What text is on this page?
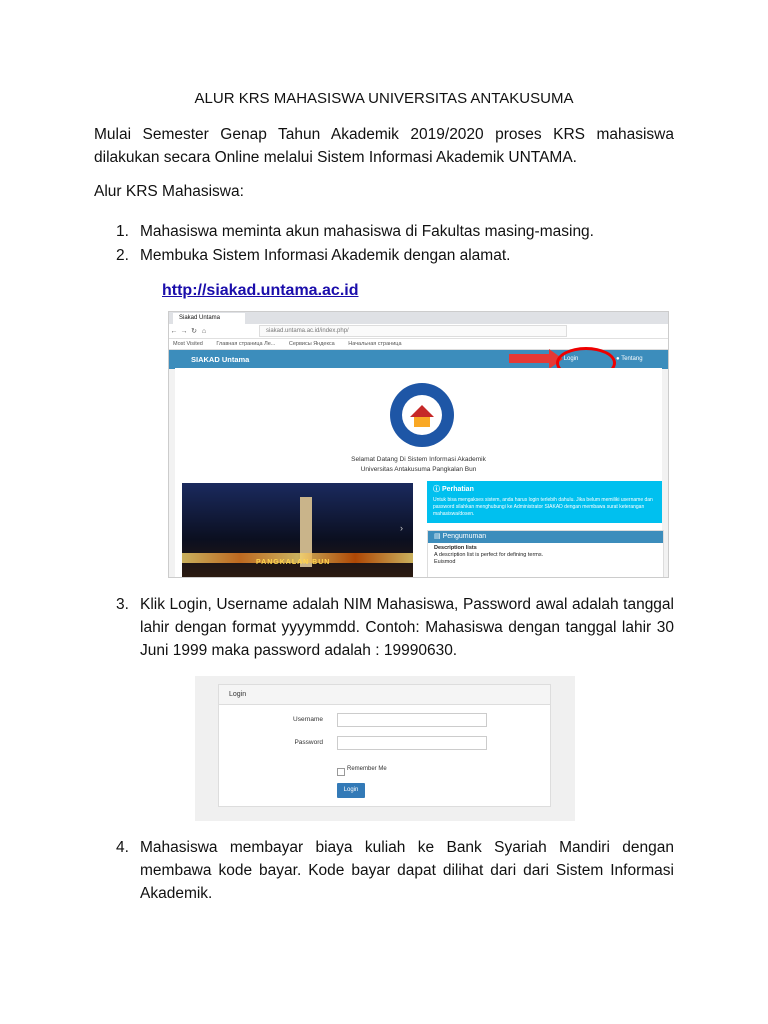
ALUR KRS MAHASISWA UNIVERSITAS ANTAKUSUMA
Mulai Semester Genap Tahun Akademik 2019/2020 proses KRS mahasiswa dilakukan secara Online melalui Sistem Informasi Akademik UNTAMA.
Alur KRS Mahasiswa:
1. Mahasiswa meminta akun mahasiswa di Fakultas masing-masing.
2. Membuka Sistem Informasi Akademik dengan alamat.
http://siakad.untama.ac.id
Siakad Untama
← → ↻ ⌂	siakad.untama.ac.id/index.php/
Most Visited Главная страница Ле... Сервисы Яндекса Начальная страница
SIAKAD Untama	➜ Login	● Tentang
Selamat Datang Di Sistem Informasi Akademik
Universitas Antakusuma Pangkalan Bun
PANGKALAN BUN
›
ⓘ Perhatian
Untuk bisa mengakses sistem, anda harus login terlebih dahulu. Jika belum memiliki username dan password silahkan menghubungi ke Administrator SIAKAD dengan membawa surat keterangan mahasiswa/dosen.
▤ Pengumuman
Description lists
A description list is perfect for defining terms.
Euismod
3. Klik Login, Username adalah NIM Mahasiswa, Password awal adalah tanggal lahir dengan format yyyymmdd. Contoh: Mahasiswa dengan tanggal lahir 30 Juni 1999 maka password adalah : 19990630.
Login
Username
Password
Remember Me
Login
4. Mahasiswa membayar biaya kuliah ke Bank Syariah Mandiri dengan membawa kode bayar. Kode bayar dapat dilihat dari dari Sistem Informasi Akademik.
